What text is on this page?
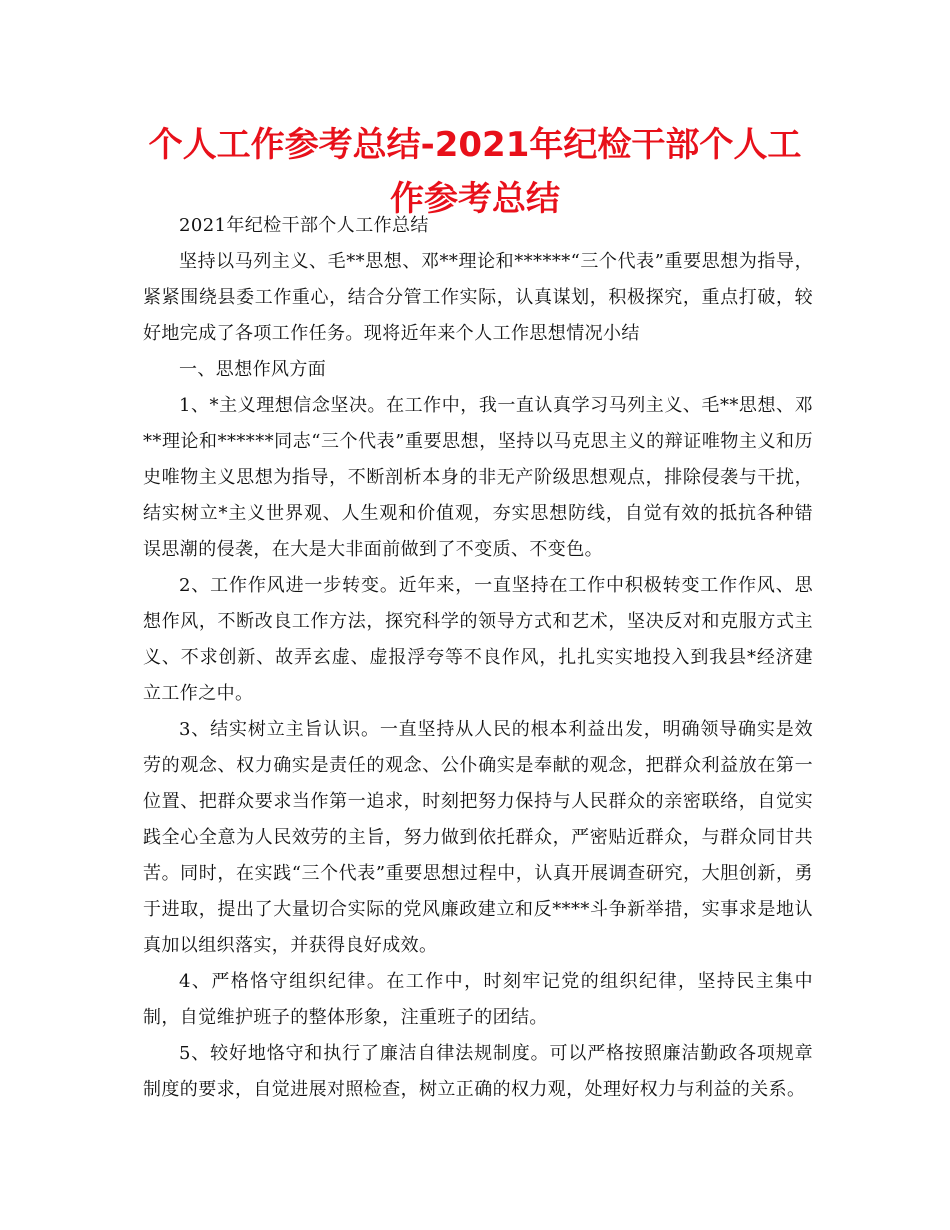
个人工作参考总结-2021年纪检干部个人工作参考总结

2021年纪检干部个人工作总结

坚持以马列主义、毛**思想、邓**理论和******“三个代表”重要思想为指导，紧紧围绕县委工作重心，结合分管工作实际，认真谋划，积极探究，重点打破，较好地完成了各项工作任务。现将近年来个人工作思想情况小结

一、思想作风方面

1、*主义理想信念坚决。在工作中，我一直认真学习马列主义、毛**思想、邓**理论和******同志“三个代表”重要思想，坚持以马克思主义的辩证唯物主义和历史唯物主义思想为指导，不断剖析本身的非无产阶级思想观点，排除侵袭与干扰，结实树立*主义世界观、人生观和价值观，夯实思想防线，自觉有效的抵抗各种错误思潮的侵袭，在大是大非面前做到了不变质、不变色。

2、工作作风进一步转变。近年来，一直坚持在工作中积极转变工作作风、思想作风，不断改良工作方法，探究科学的领导方式和艺术，坚决反对和克服方式主义、不求创新、故弄玄虚、虚报浮夸等不良作风，扎扎实实地投入到我县*经济建立工作之中。

3、结实树立主旨认识。一直坚持从人民的根本利益出发，明确领导确实是效劳的观念、权力确实是责任的观念、公仆确实是奉献的观念，把群众利益放在第一位置、把群众要求当作第一追求，时刻把努力保持与人民群众的亲密联络，自觉实践全心全意为人民效劳的主旨，努力做到依托群众，严密贴近群众，与群众同甘共苦。同时，在实践“三个代表”重要思想过程中，认真开展调查研究，大胆创新，勇于进取，提出了大量切合实际的党风廉政建立和反****斗争新举措，实事求是地认真加以组织落实，并获得良好成效。

4、严格恪守组织纪律。在工作中，时刻牢记党的组织纪律，坚持民主集中制，自觉维护班子的整体形象，注重班子的团结。

5、较好地恪守和执行了廉洁自律法规制度。可以严格按照廉洁勤政各项规章制度的要求，自觉进展对照检查，树立正确的权力观，处理好权力与利益的关系。
